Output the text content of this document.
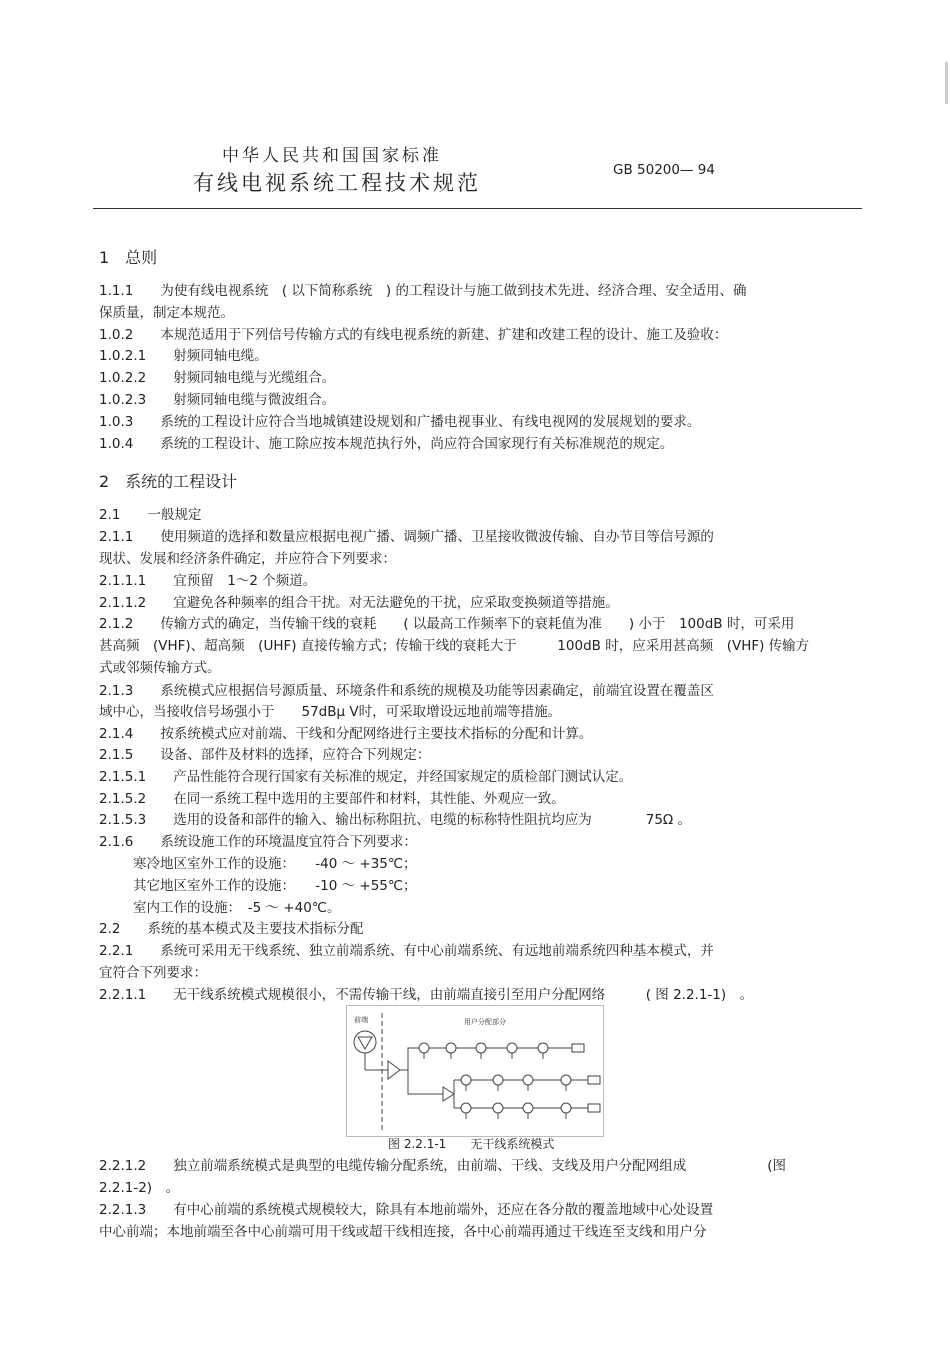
中华人民共和国国家标准
有线电视系统工程技术规范
GB 50200— 94
1　总则
1.1.1　　为使有线电视系统　( 以下简称系统　) 的工程设计与施工做到技术先进、经济合理、安全适用、确
保质量，制定本规范。
1.0.2　　本规范适用于下列信号传输方式的有线电视系统的新建、扩建和改建工程的设计、施工及验收：
1.0.2.1　　射频同轴电缆。
1.0.2.2　　射频同轴电缆与光缆组合。
1.0.2.3　　射频同轴电缆与微波组合。
1.0.3　　系统的工程设计应符合当地城镇建设规划和广播电视事业、有线电视网的发展规划的要求。
1.0.4　　系统的工程设计、施工除应按本规范执行外，尚应符合国家现行有关标准规范的规定。
2　系统的工程设计
2.1　　一般规定
2.1.1　　使用频道的选择和数量应根据电视广播、调频广播、卫星接收微波传输、自办节目等信号源的
现状、发展和经济条件确定，并应符合下列要求：
2.1.1.1　　宜预留　1～2 个频道。
2.1.1.2　　宜避免各种频率的组合干扰。对无法避免的干扰，应采取变换频道等措施。
2.1.2　　传输方式的确定，当传输干线的衰耗　　( 以最高工作频率下的衰耗值为准　　) 小于　100dB 时，可采用
甚高频　(VHF)、超高频　(UHF) 直接传输方式；传输干线的衰耗大于　　　100dB 时，应采用甚高频　(VHF) 传输方
式或邻频传输方式。
2.1.3　　系统模式应根据信号源质量、环境条件和系统的规模及功能等因素确定，前端宜设置在覆盖区
域中心，当接收信号场强小于　　57dBμ V时，可采取增设远地前端等措施。
2.1.4　　按系统模式应对前端、干线和分配网络进行主要技术指标的分配和计算。
2.1.5　　设备、部件及材料的选择，应符合下列规定：
2.1.5.1　　产品性能符合现行国家有关标准的规定，并经国家规定的质检部门测试认定。
2.1.5.2　　在同一系统工程中选用的主要部件和材料，其性能、外观应一致。
2.1.5.3　　选用的设备和部件的输入、输出标称阻抗、电缆的标称特性阻抗均应为　　　　75Ω 。
2.1.6　　系统设施工作的环境温度宜符合下列要求：
寒冷地区室外工作的设施：　　-40 ～ +35℃；
其它地区室外工作的设施：　　-10 ～ +55℃；
室内工作的设施：　-5 ～ +40℃。
2.2　　系统的基本模式及主要技术指标分配
2.2.1　　系统可采用无干线系统、独立前端系统、有中心前端系统、有远地前端系统四种基本模式，并
宜符合下列要求：
2.2.1.1　　无干线系统模式规模很小，不需传输干线，由前端直接引至用户分配网络　　　( 图 2.2.1-1)　。
前端	用户分配部分
图 2.2.1-1　　无干线系统模式
2.2.1.2　　独立前端系统模式是典型的电缆传输分配系统，由前端、干线、支线及用户分配网组成　　　　　　(图
2.2.1-2)　。
2.2.1.3　　有中心前端的系统模式规模较大，除具有本地前端外，还应在各分散的覆盖地域中心处设置
中心前端；本地前端至各中心前端可用干线或超干线相连接，各中心前端再通过干线连至支线和用户分
